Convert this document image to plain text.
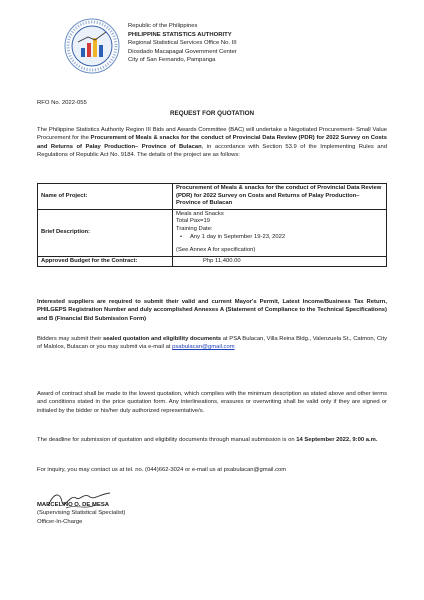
Republic of the Philippines
PHILIPPINE STATISTICS AUTHORITY
Regional Statistical Services Office No. III
Diosdado Macapagal Government Center
City of San Fernando, Pampanga
RFO No. 2022-055
REQUEST FOR QUOTATION
The Philippine Statistics Authority Region III Bids and Awards Committee (BAC) will undertake a Negotiated Procurement- Small Value Procurement for the Procurement of Meals & snacks for the conduct of Provincial Data Review (PDR) for 2022 Survey on Costs and Returns of Palay Production– Province of Bulacan, in accordance with Section 53.9 of the Implementing Rules and Regulations of Republic Act No. 9184. The details of the project are as follows:
Name of Project:	Procurement of Meals & snacks for the conduct of Provincial Data Review (PDR) for 2022 Survey on Costs and Returns of Palay Production– Province of Bulacan
Brief Description:	Meals and Snacks
Total Pax=19
Training Date:
• Any 1 day in September 19-23, 2022
(See Annex A for specification)

Approved Budget for the Contract:	Php 11,400.00
Interested suppliers are required to submit their valid and current Mayor's Permit, Latest Income/Business Tax Return, PHILGEPS Registration Number and duly accomplished Annexes A (Statement of Compliance to the Technical Specifications) and B (Financial Bid Submission Form)
Bidders may submit their sealed quotation and eligibility documents at PSA Bulacan, Villa Reina Bldg., Valenzuela St., Catmon, City of Malolos, Bulacan or you may submit via e-mail at psabulacan@gmail.com
Award of contract shall be made to the lowest quotation, which complies with the minimum description as stated above and other terms and conditions stated in the price quotation form. Any interlineations, erasures or overwriting shall be valid only if they are signed or initialed by the bidder or his/her duly authorized representative/s.
The deadline for submission of quotation and eligibility documents through manual submission is on 14 September 2022, 9:00 a.m.
For inquiry, you may contact us at tel. no. (044)662-3024 or e-mail us at psabulacan@gmail.com
MARCELINO O. DE MESA
(Supervising Statistical Specialist)
Officer-In-Charge
